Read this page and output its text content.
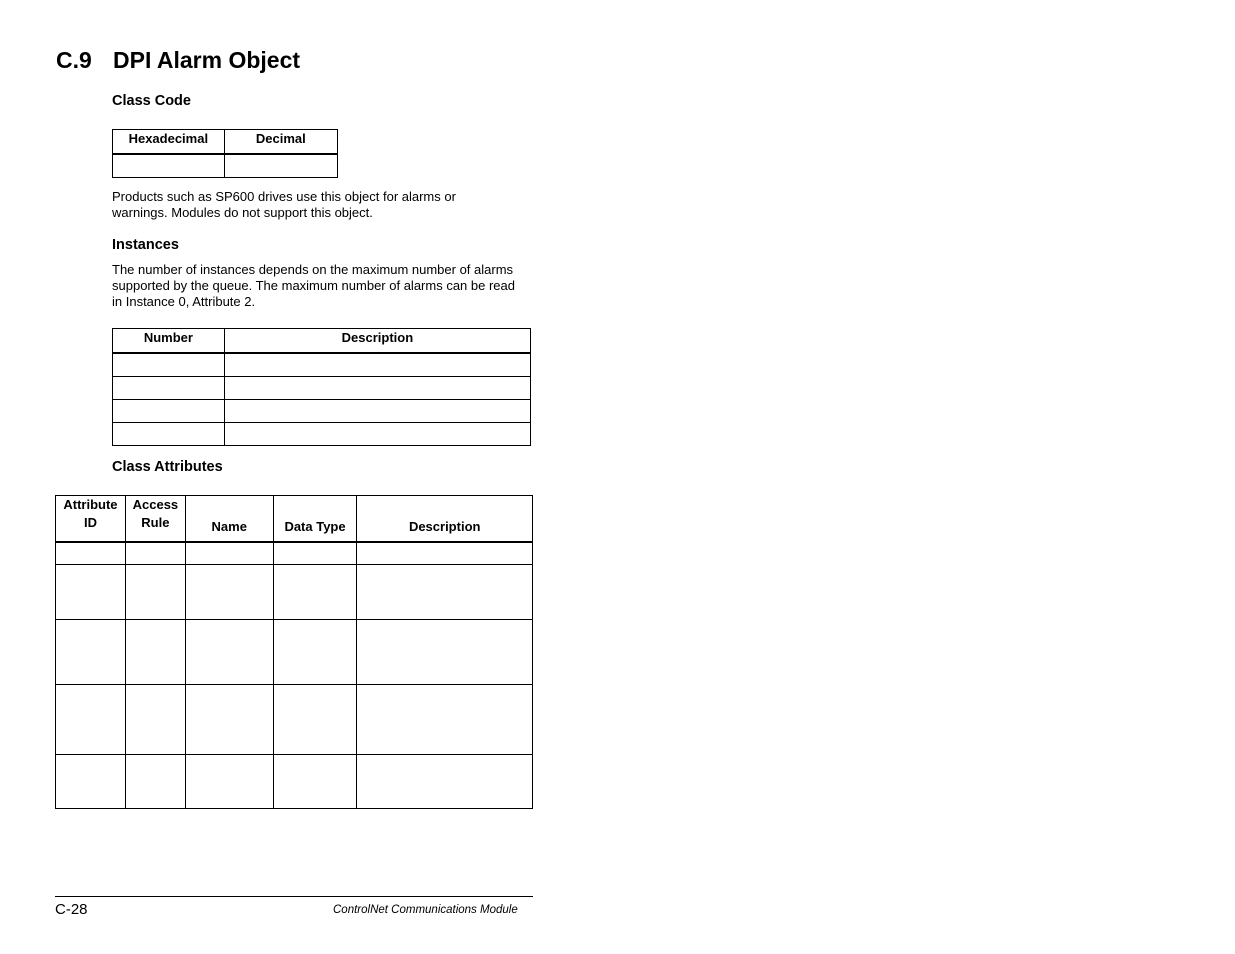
C.9 DPI Alarm Object
Class Code
Hexadecimal	Decimal

Products such as SP600 drives use this object for alarms or warnings. Modules do not support this object.

Instances

The number of instances depends on the maximum number of alarms supported by the queue. The maximum number of alarms can be read in Instance 0, Attribute 2.

Number	Description

Class Attributes
Attribute ID	Access Rule	Name	Data Type	Description

C-28	ControlNet Communications Module
